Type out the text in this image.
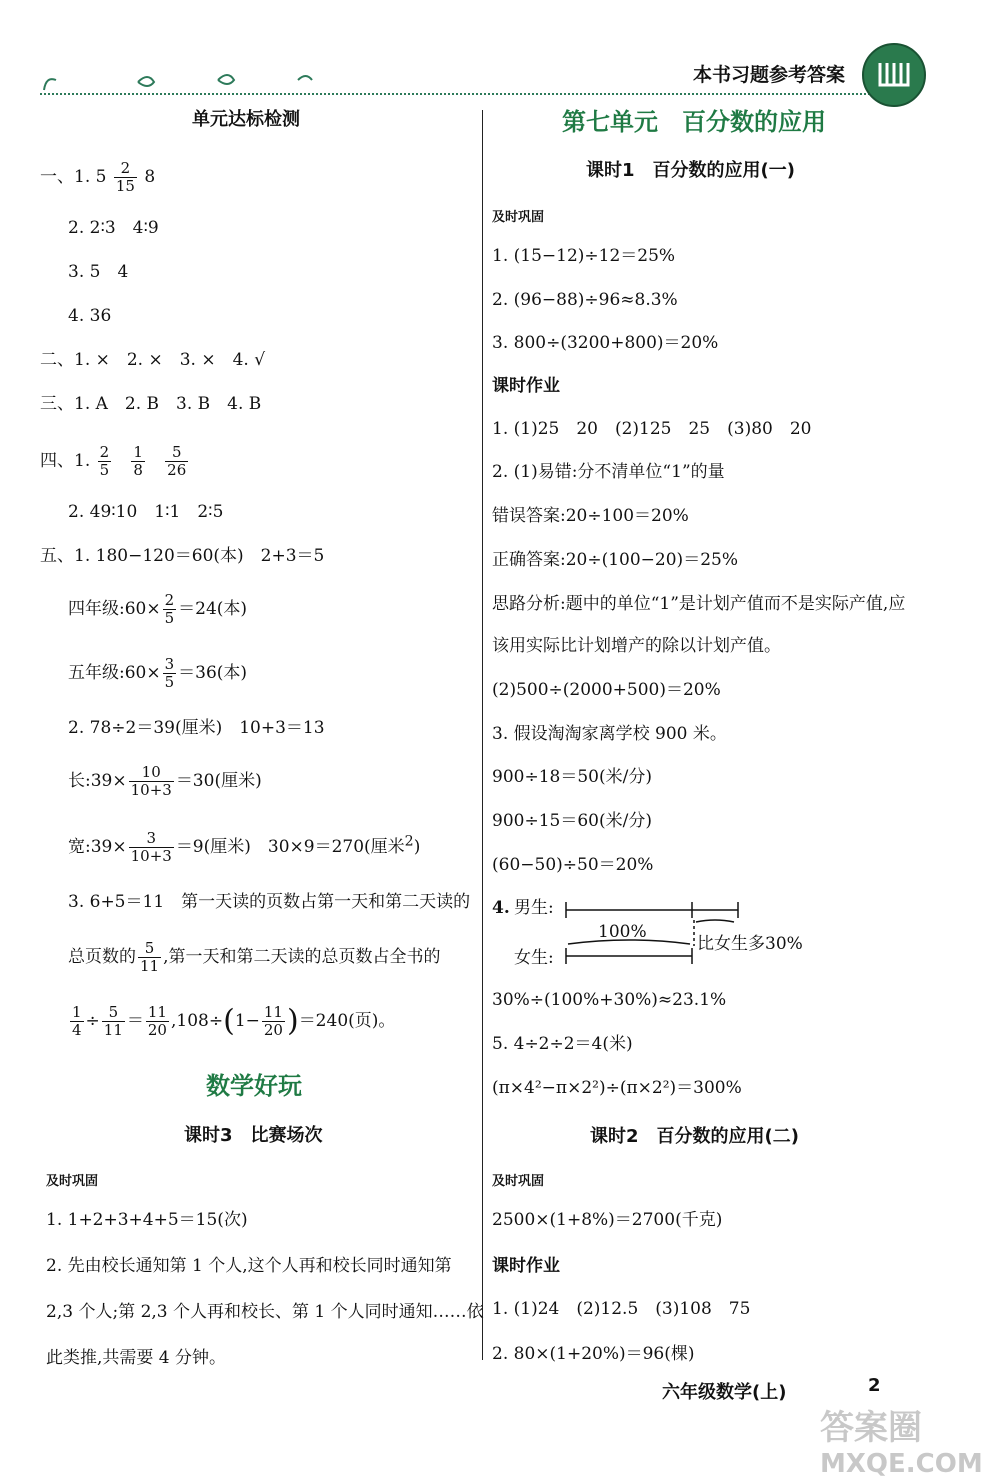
本书习题参考答案
单元达标检测
一、1. $5 \frac{2}{15} 8$
2. 2∶3　4∶9
3. 5　4
4. 36
二、1. ×　2. ×　3. ×　4. √
三、1. A　2. B　3. B　4. B
四、1. $\frac{2}{5}$
$\frac{1}{8}$
$\frac{5}{26}$
2. 49∶10　1∶1　2∶5
五、1. 180−120＝60(本)　2+3＝5
四年级:60× $\frac{2}{5} =24$(本)
五年级:60× $\frac{3}{5} =36$(本)
2. 78÷2＝39(厘米)　10+3＝13
长:39× $\frac{10}{10+3} =30$(厘米)
宽:39× $\frac{3}{10+3} =9$(厘米)　30×9＝270(厘米$^2$)
3. 6+5＝11　第一天读的页数占第一天和第二天读的
总页数的 $\frac{5}{11}$ ,第一天和第二天读的总页数占全书的
$\frac{1}{4} \div \frac{5}{11} = \frac{11}{20} ,108\div(1- \frac{11}{20} )=240$(页)。
数学好玩
课时3　比赛场次
及时巩固
1. 1+2+3+4+5＝15(次)
2. 先由校长通知第 1 个人,这个人再和校长同时通知第
2,3 个人;第 2,3 个人再和校长、第 1 个人同时通知……依
此类推,共需要 4 分钟。
第七单元　百分数的应用
课时1　百分数的应用(一)
及时巩固
1. (15−12)÷12＝25%
2. (96−88)÷96≈8.3%
3. 800÷(3200+800)＝20%
课时作业
1. (1)25　20　(2)125　25　(3)80　20
2. (1)易错:分不清单位“1”的量
错误答案:20÷100＝20%
正确答案:20÷(100−20)＝25%
思路分析:题中的单位“1”是计划产值而不是实际产值,应
该用实际比计划增产的除以计划产值。
(2)500÷(2000+500)＝20%
3. 假设淘淘家离学校 900 米。
900÷18＝50(米/分)
900÷15＝60(米/分)
(60−50)÷50＝20%
4. 男生:
女生:
100%
比女生多30%
30%÷(100%+30%)≈23.1%
5. 4÷2÷2＝4(米)
(π×4²−π×2²)÷(π×2²)＝300%
课时2　百分数的应用(二)
及时巩固
2500×(1+8%)＝2700(千克)
课时作业
1. (1)24　(2)12.5　(3)108　75
2. 80×(1+20%)＝96(棵)
六年级数学(上)	2
答案圈
MXQE.COM
